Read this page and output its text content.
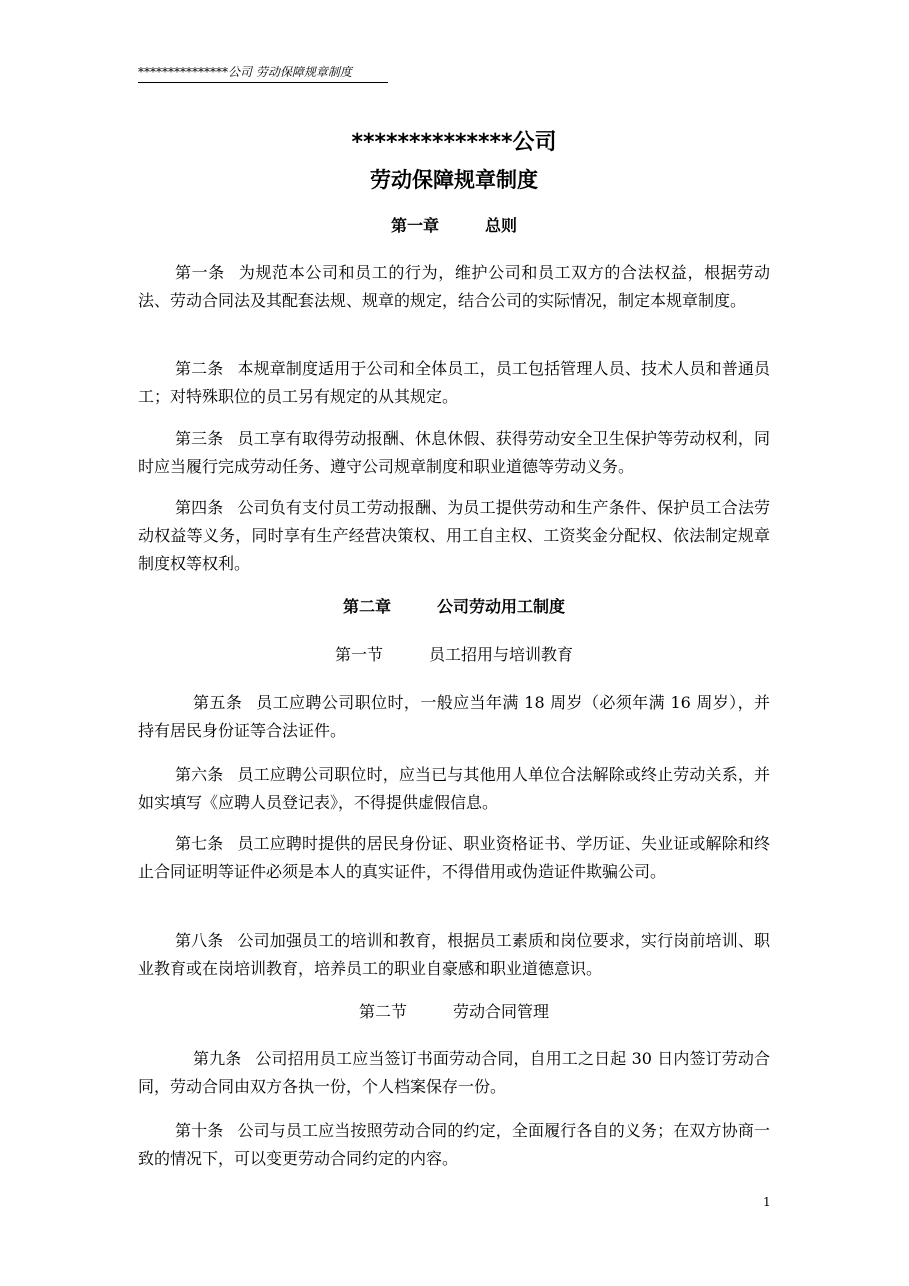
***************公司 劳动保障规章制度
**************公司
劳动保障规章制度
第一章	总则

第一条 为规范本公司和员工的行为，维护公司和员工双方的合法权益，根据劳动法、劳动合同法及其配套法规、规章的规定，结合公司的实际情况，制定本规章制度。

第二条 本规章制度适用于公司和全体员工，员工包括管理人员、技术人员和普通员工；对特殊职位的员工另有规定的从其规定。

第三条 员工享有取得劳动报酬、休息休假、获得劳动安全卫生保护等劳动权利，同时应当履行完成劳动任务、遵守公司规章制度和职业道德等劳动义务。

第四条 公司负有支付员工劳动报酬、为员工提供劳动和生产条件、保护员工合法劳动权益等义务，同时享有生产经营决策权、用工自主权、工资奖金分配权、依法制定规章制度权等权利。

第二章	公司劳动用工制度
第一节	员工招用与培训教育

第五条 员工应聘公司职位时，一般应当年满 18 周岁（必须年满 16 周岁），并持有居民身份证等合法证件。

第六条 员工应聘公司职位时，应当已与其他用人单位合法解除或终止劳动关系，并如实填写《应聘人员登记表》，不得提供虚假信息。

第七条 员工应聘时提供的居民身份证、职业资格证书、学历证、失业证或解除和终止合同证明等证件必须是本人的真实证件，不得借用或伪造证件欺骗公司。

第八条 公司加强员工的培训和教育，根据员工素质和岗位要求，实行岗前培训、职业教育或在岗培训教育，培养员工的职业自豪感和职业道德意识。

第二节	劳动合同管理

第九条 公司招用员工应当签订书面劳动合同，自用工之日起 30 日内签订劳动合同，劳动合同由双方各执一份，个人档案保存一份。

第十条 公司与员工应当按照劳动合同的约定，全面履行各自的义务；在双方协商一致的情况下，可以变更劳动合同约定的内容。

1
